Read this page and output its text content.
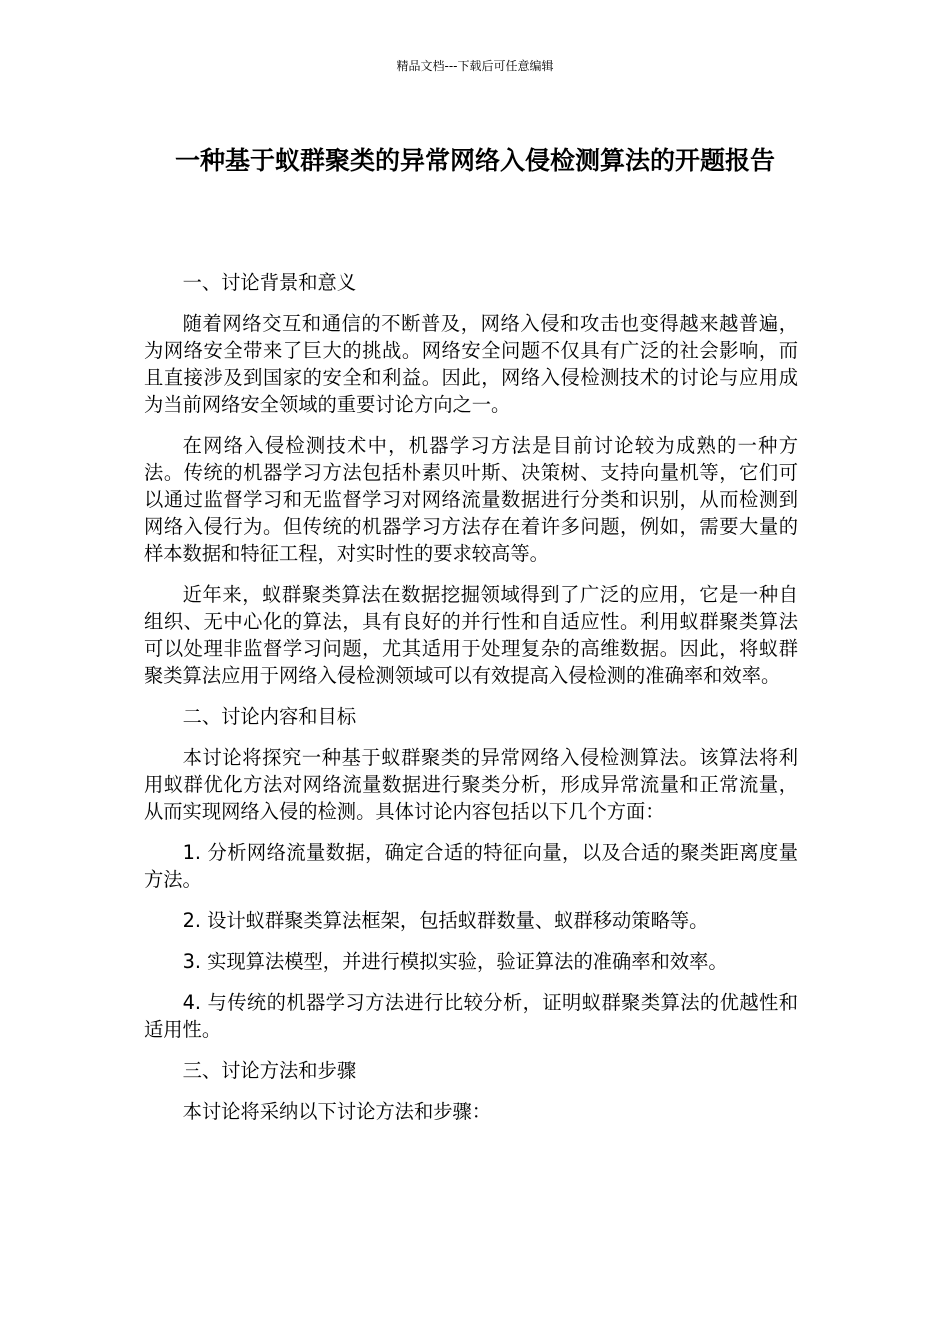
精品文档---下载后可任意编辑
一种基于蚁群聚类的异常网络入侵检测算法的开题报告

一、讨论背景和意义

随着网络交互和通信的不断普及，网络入侵和攻击也变得越来越普遍，为网络安全带来了巨大的挑战。网络安全问题不仅具有广泛的社会影响，而且直接涉及到国家的安全和利益。因此，网络入侵检测技术的讨论与应用成为当前网络安全领域的重要讨论方向之一。

在网络入侵检测技术中，机器学习方法是目前讨论较为成熟的一种方法。传统的机器学习方法包括朴素贝叶斯、决策树、支持向量机等，它们可以通过监督学习和无监督学习对网络流量数据进行分类和识别，从而检测到网络入侵行为。但传统的机器学习方法存在着许多问题，例如，需要大量的样本数据和特征工程，对实时性的要求较高等。

近年来，蚁群聚类算法在数据挖掘领域得到了广泛的应用，它是一种自组织、无中心化的算法，具有良好的并行性和自适应性。利用蚁群聚类算法可以处理非监督学习问题，尤其适用于处理复杂的高维数据。因此，将蚁群聚类算法应用于网络入侵检测领域可以有效提高入侵检测的准确率和效率。

二、讨论内容和目标

本讨论将探究一种基于蚁群聚类的异常网络入侵检测算法。该算法将利用蚁群优化方法对网络流量数据进行聚类分析，形成异常流量和正常流量，从而实现网络入侵的检测。具体讨论内容包括以下几个方面：

1. 分析网络流量数据，确定合适的特征向量，以及合适的聚类距离度量方法。

2. 设计蚁群聚类算法框架，包括蚁群数量、蚁群移动策略等。

3. 实现算法模型，并进行模拟实验，验证算法的准确率和效率。

4. 与传统的机器学习方法进行比较分析，证明蚁群聚类算法的优越性和适用性。

三、讨论方法和步骤

本讨论将采纳以下讨论方法和步骤：
